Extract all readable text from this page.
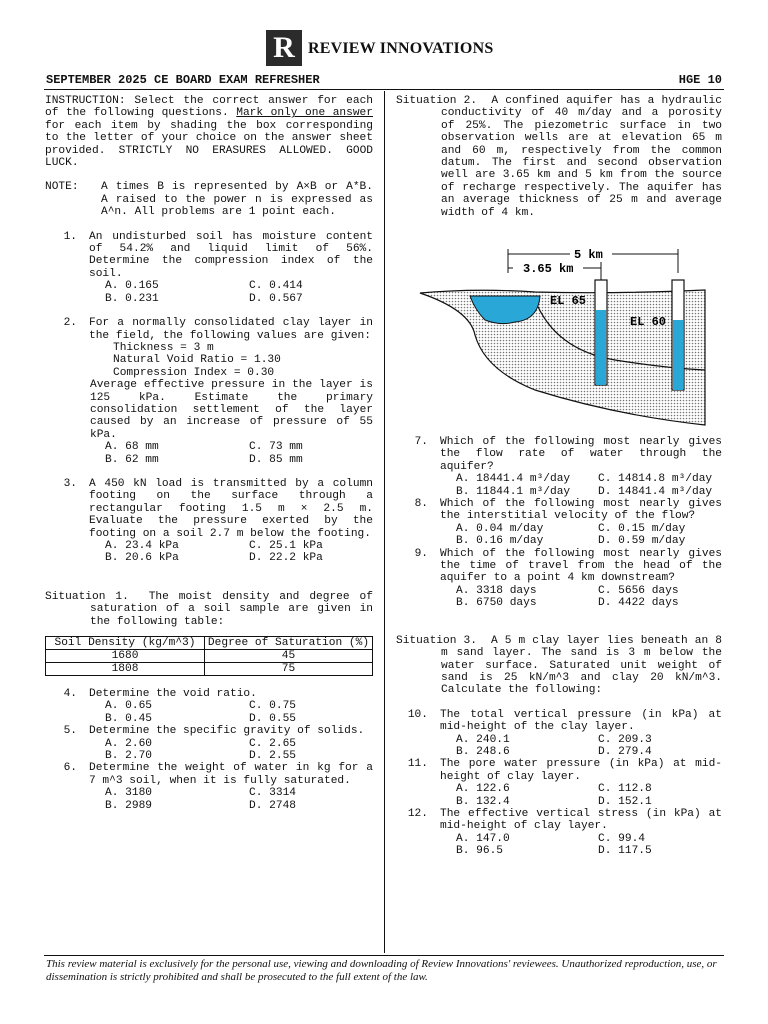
R REVIEW INNOVATIONS
SEPTEMBER 2025 CE BOARD EXAM REFRESHER	HGE 10
INSTRUCTION: Select the correct answer for each of the following questions. Mark only one answer for each item by shading the box corresponding to the letter of your choice on the answer sheet provided. STRICTLY NO ERASURES ALLOWED. GOOD LUCK.
NOTE:	A times B is represented by A×B or A*B. A raised to the power n is expressed as A^n. All problems are 1 point each.
1.	An undisturbed soil has moisture content of 54.2% and liquid limit of 56%. Determine the compression index of the soil.
A. 0.165	C. 0.414
B. 0.231	D. 0.567
2.	For a normally consolidated clay layer in the field, the following values are given:
Thickness = 3 m
Natural Void Ratio = 1.30
Compression Index = 0.30
Average effective pressure in the layer is 125 kPa. Estimate the primary consolidation settlement of the layer caused by an increase of pressure of 55 kPa.
A. 68 mm	C. 73 mm
B. 62 mm	D. 85 mm
3.	A 450 kN load is transmitted by a column footing on the surface through a rectangular footing 1.5 m × 2.5 m. Evaluate the pressure exerted by the footing on a soil 2.7 m below the footing.
A. 23.4 kPa	C. 25.1 kPa
B. 20.6 kPa	D. 22.2 kPa
Situation 1. The moist density and degree of saturation of a soil sample are given in the following table:
Soil Density (kg/m^3)	Degree of Saturation (%)
1680	45
1808	75
4.	Determine the void ratio.
A. 0.65	C. 0.75
B. 0.45	D. 0.55
5.	Determine the specific gravity of solids.
A. 2.60	C. 2.65
B. 2.70	D. 2.55
6.	Determine the weight of water in kg for a 7 m^3 soil, when it is fully saturated.
A. 3180	C. 3314
B. 2989	D. 2748
Situation 2. A confined aquifer has a hydraulic conductivity of 40 m/day and a porosity of 25%. The piezometric surface in two observation wells are at elevation 65 m and 60 m, respectively from the common datum. The first and second observation well are 3.65 km and 5 km from the source of recharge respectively. The aquifer has an average thickness of 25 m and average width of 4 km.
5 km
3.65 km
EL 65
EL 60
7.	Which of the following most nearly gives the flow rate of water through the aquifer?
A. 18441.4 m³/day	C. 14814.8 m³/day
B. 11844.1 m³/day	D. 14841.4 m³/day
8.	Which of the following most nearly gives the interstitial velocity of the flow?
A. 0.04 m/day	C. 0.15 m/day
B. 0.16 m/day	D. 0.59 m/day
9.	Which of the following most nearly gives the time of travel from the head of the aquifer to a point 4 km downstream?
A. 3318 days	C. 5656 days
B. 6750 days	D. 4422 days
Situation 3. A 5 m clay layer lies beneath an 8 m sand layer. The sand is 3 m below the water surface. Saturated unit weight of sand is 25 kN/m^3 and clay 20 kN/m^3. Calculate the following:
10.	The total vertical pressure (in kPa) at mid-height of the clay layer.
A. 240.1	C. 209.3
B. 248.6	D. 279.4
11.	The pore water pressure (in kPa) at mid-height of clay layer.
A. 122.6	C. 112.8
B. 132.4	D. 152.1
12.	The effective vertical stress (in kPa) at mid-height of clay layer.
A. 147.0	C. 99.4
B. 96.5	D. 117.5
This review material is exclusively for the personal use, viewing and downloading of Review Innovations' reviewees. Unauthorized reproduction, use, or dissemination is strictly prohibited and shall be prosecuted to the full extent of the law.
